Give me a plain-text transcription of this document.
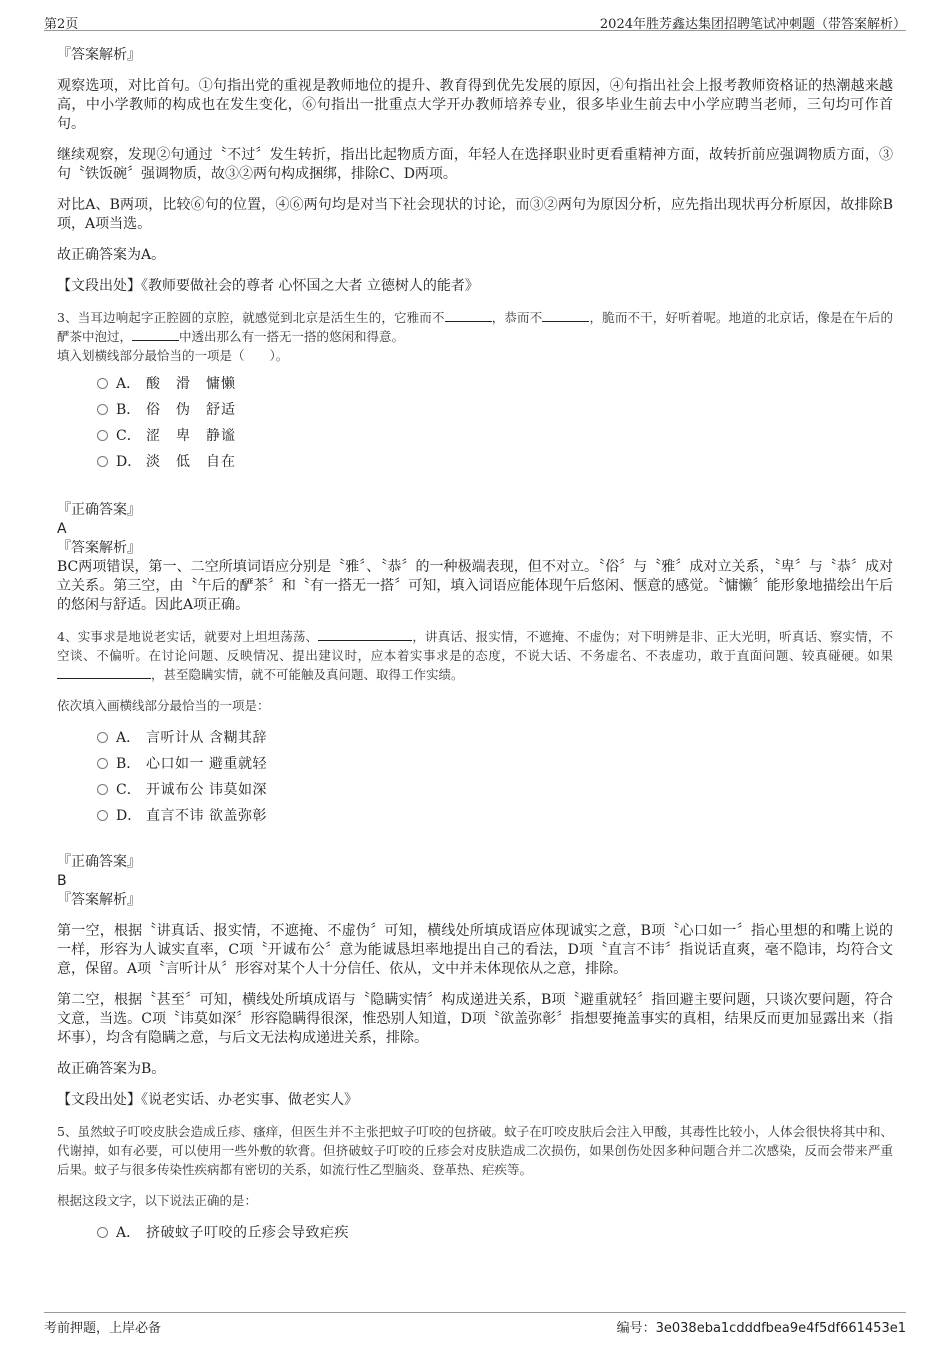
第2页	2024年胜芳鑫达集团招聘笔试冲刺题（带答案解析）

『答案解析』

观察选项，对比首句。①句指出党的重视是教师地位的提升、教育得到优先发展的原因，④句指出社会上报考教师资格证的热潮越来越高，中小学教师的构成也在发生变化，⑥句指出一批重点大学开办教师培养专业，很多毕业生前去中小学应聘当老师，三句均可作首句。

继续观察，发现②句通过〝不过〞发生转折，指出比起物质方面，年轻人在选择职业时更看重精神方面，故转折前应强调物质方面，③句〝铁饭碗〞强调物质，故③②两句构成捆绑，排除C、D两项。

对比A、B两项，比较⑥句的位置，④⑥两句均是对当下社会现状的讨论，而③②两句为原因分析，应先指出现状再分析原因，故排除B项，A项当选。

故正确答案为A。

【文段出处】《教师要做社会的尊者 心怀国之大者 立德树人的能者》

3、当耳边响起字正腔圆的京腔，就感觉到北京是活生生的，它雅而不	，恭而不	，脆而不干，好听着呢。地道的北京话，像是在午后的酽茶中泡过，	中透出那么有一搭无一搭的悠闲和得意。

填入划横线部分最恰当的一项是（　　）。

A． 酸　滑　慵懒
B． 俗　伪　舒适
C． 涩　卑　静谧
D． 淡　低　自在

『正确答案』

A

『答案解析』

BC两项错误，第一、二空所填词语应分别是〝雅〞、〝恭〞的一种极端表现，但不对立。〝俗〞与〝雅〞成对立关系，〝卑〞与〝恭〞成对立关系。第三空，由〝午后的酽茶〞和〝有一搭无一搭〞可知，填入词语应能体现午后悠闲、惬意的感觉。〝慵懒〞能形象地描绘出午后的悠闲与舒适。因此A项正确。

4、实事求是地说老实话，就要对上坦坦荡荡、	，讲真话、报实情，不遮掩、不虚伪；对下明辨是非、正大光明，听真话、察实情，不空谈、不偏听。在讨论问题、反映情况、提出建议时，应本着实事求是的态度，不说大话、不务虚名、不表虚功，敢于直面问题、较真碰硬。如果，甚至隐瞒实情，就不可能触及真问题、取得工作实绩。

依次填入画横线部分最恰当的一项是：

A． 言听计从 含糊其辞
B． 心口如一 避重就轻
C． 开诚布公 讳莫如深
D． 直言不讳 欲盖弥彰

『正确答案』

B

『答案解析』

第一空，根据〝讲真话、报实情，不遮掩、不虚伪〞可知，横线处所填成语应体现诚实之意，B项〝心口如一〞指心里想的和嘴上说的一样，形容为人诚实直率，C项〝开诚布公〞意为能诚恳坦率地提出自己的看法，D项〝直言不讳〞指说话直爽，毫不隐讳，均符合文意，保留。A项〝言听计从〞形容对某个人十分信任、依从，文中并未体现依从之意，排除。

第二空，根据〝甚至〞可知，横线处所填成语与〝隐瞒实情〞构成递进关系，B项〝避重就轻〞指回避主要问题，只谈次要问题，符合文意，当选。C项〝讳莫如深〞形容隐瞒得很深，惟恐别人知道，D项〝欲盖弥彰〞指想要掩盖事实的真相，结果反而更加显露出来（指坏事），均含有隐瞒之意，与后文无法构成递进关系，排除。

故正确答案为B。

【文段出处】《说老实话、办老实事、做老实人》

5、虽然蚊子叮咬皮肤会造成丘疹、瘙痒，但医生并不主张把蚊子叮咬的包挤破。蚊子在叮咬皮肤后会注入甲酸，其毒性比较小，人体会很快将其中和、代谢掉，如有必要，可以使用一些外敷的软膏。但挤破蚊子叮咬的丘疹会对皮肤造成二次损伤，如果创伤处因多种问题合并二次感染，反而会带来严重后果。蚊子与很多传染性疾病都有密切的关系，如流行性乙型脑炎、登革热、疟疾等。

根据这段文字，以下说法正确的是：

A． 挤破蚊子叮咬的丘疹会导致疟疾
考前押题，上岸必备	编号：3e038eba1cdddfbea9e4f5df661453e1
